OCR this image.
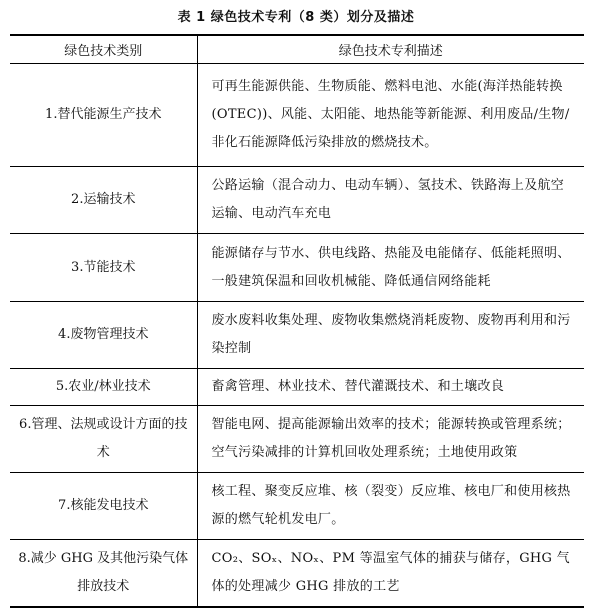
表 1 绿色技术专利（8 类）划分及描述
绿色技术类别	绿色技术专利描述
1.替代能源生产技术	可再生能源供能、生物质能、燃料电池、水能(海洋热能转换(OTEC))、风能、太阳能、地热能等新能源、利用废品/生物/非化石能源降低污染排放的燃烧技术。
2.运输技术	公路运输（混合动力、电动车辆）、氢技术、铁路海上及航空运输、电动汽车充电
3.节能技术	能源储存与节水、供电线路、热能及电能储存、低能耗照明、一般建筑保温和回收机械能、降低通信网络能耗
4.废物管理技术	废水废料收集处理、废物收集燃烧消耗废物、废物再利用和污染控制
5.农业/林业技术	畜禽管理、林业技术、替代灌溉技术、和土壤改良
6.管理、法规或设计方面的技术	智能电网、提高能源输出效率的技术；能源转换或管理系统；空气污染减排的计算机回收处理系统；土地使用政策
7.核能发电技术	核工程、聚变反应堆、核（裂变）反应堆、核电厂和使用核热源的燃气轮机发电厂。
8.减少 GHG 及其他污染气体排放技术	CO₂、SOₓ、NOₓ、PM 等温室气体的捕获与储存，GHG 气体的处理减少 GHG 排放的工艺
